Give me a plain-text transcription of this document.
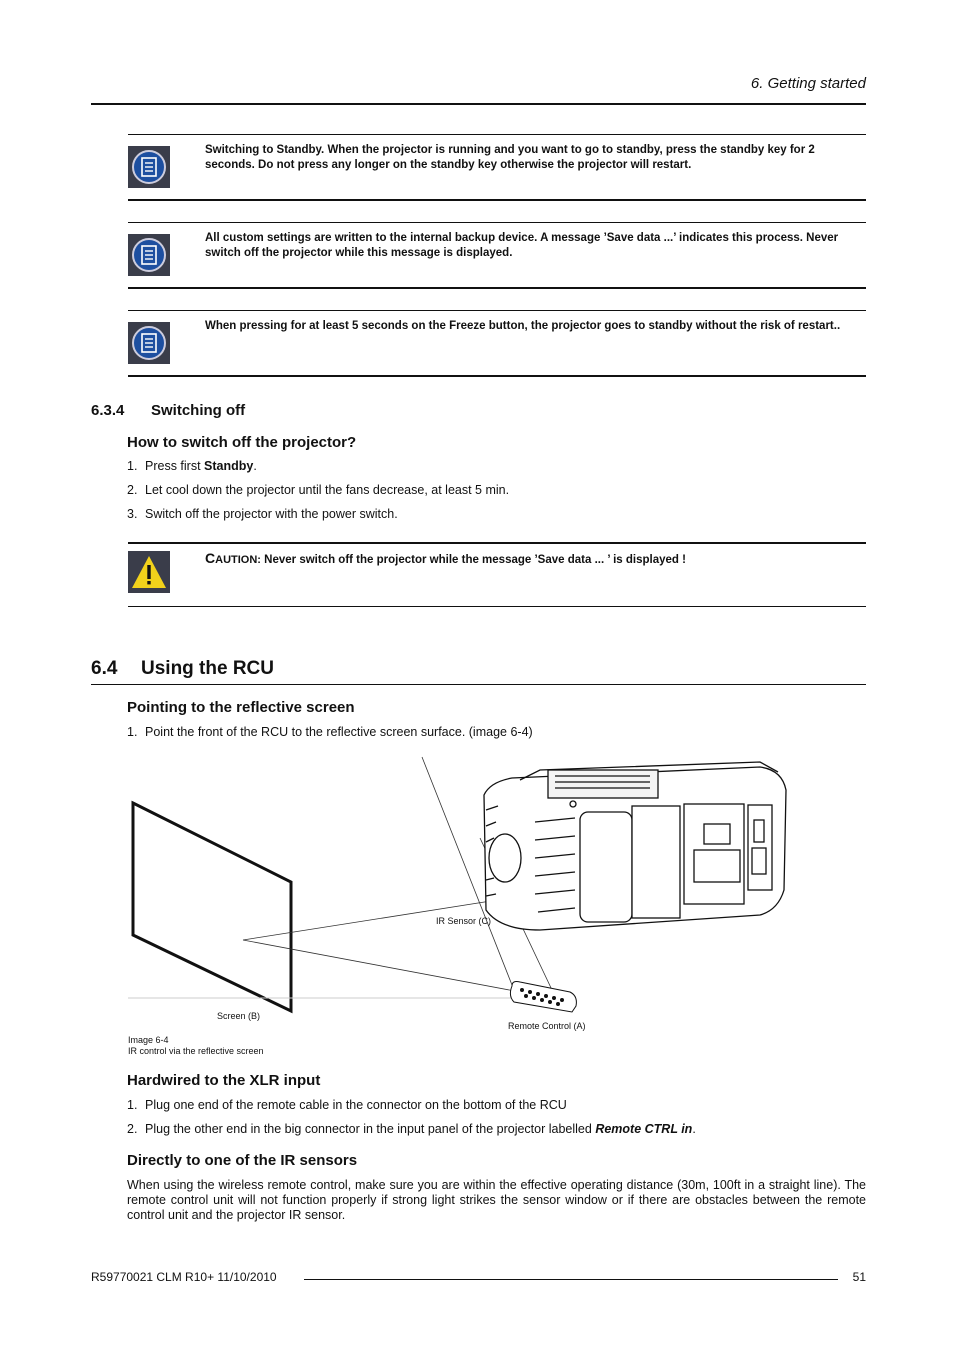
6. Getting started
Switching to Standby. When the projector is running and you want to go to standby, press the standby key for 2 seconds. Do not press any longer on the standby key otherwise the projector will restart.
All custom settings are written to the internal backup device. A message ’Save data ...’ indicates this process. Never switch off the projector while this message is displayed.
When pressing for at least 5 seconds on the Freeze button, the projector goes to standby without the risk of restart..
6.3.4 Switching off
How to switch off the projector?
1. Press first Standby.
2. Let cool down the projector until the fans decrease, at least 5 min.
3. Switch off the projector with the power switch.
CAUTION: Never switch off the projector while the message ’Save data ... ’ is displayed !
6.4 Using the RCU
Pointing to the reflective screen
1. Point the front of the RCU to the reflective screen surface. (image 6-4)
IR Sensor (C)
Screen (B)
Remote Control (A)
Image 6-4
IR control via the reflective screen
Hardwired to the XLR input
1. Plug one end of the remote cable in the connector on the bottom of the RCU
2. Plug the other end in the big connector in the input panel of the projector labelled Remote CTRL in.
Directly to one of the IR sensors
When using the wireless remote control, make sure you are within the effective operating distance (30m, 100ft in a straight line). The remote control unit will not function properly if strong light strikes the sensor window or if there are obstacles between the remote control unit and the projector IR sensor.
R59770021 CLM R10+ 11/10/2010	51
